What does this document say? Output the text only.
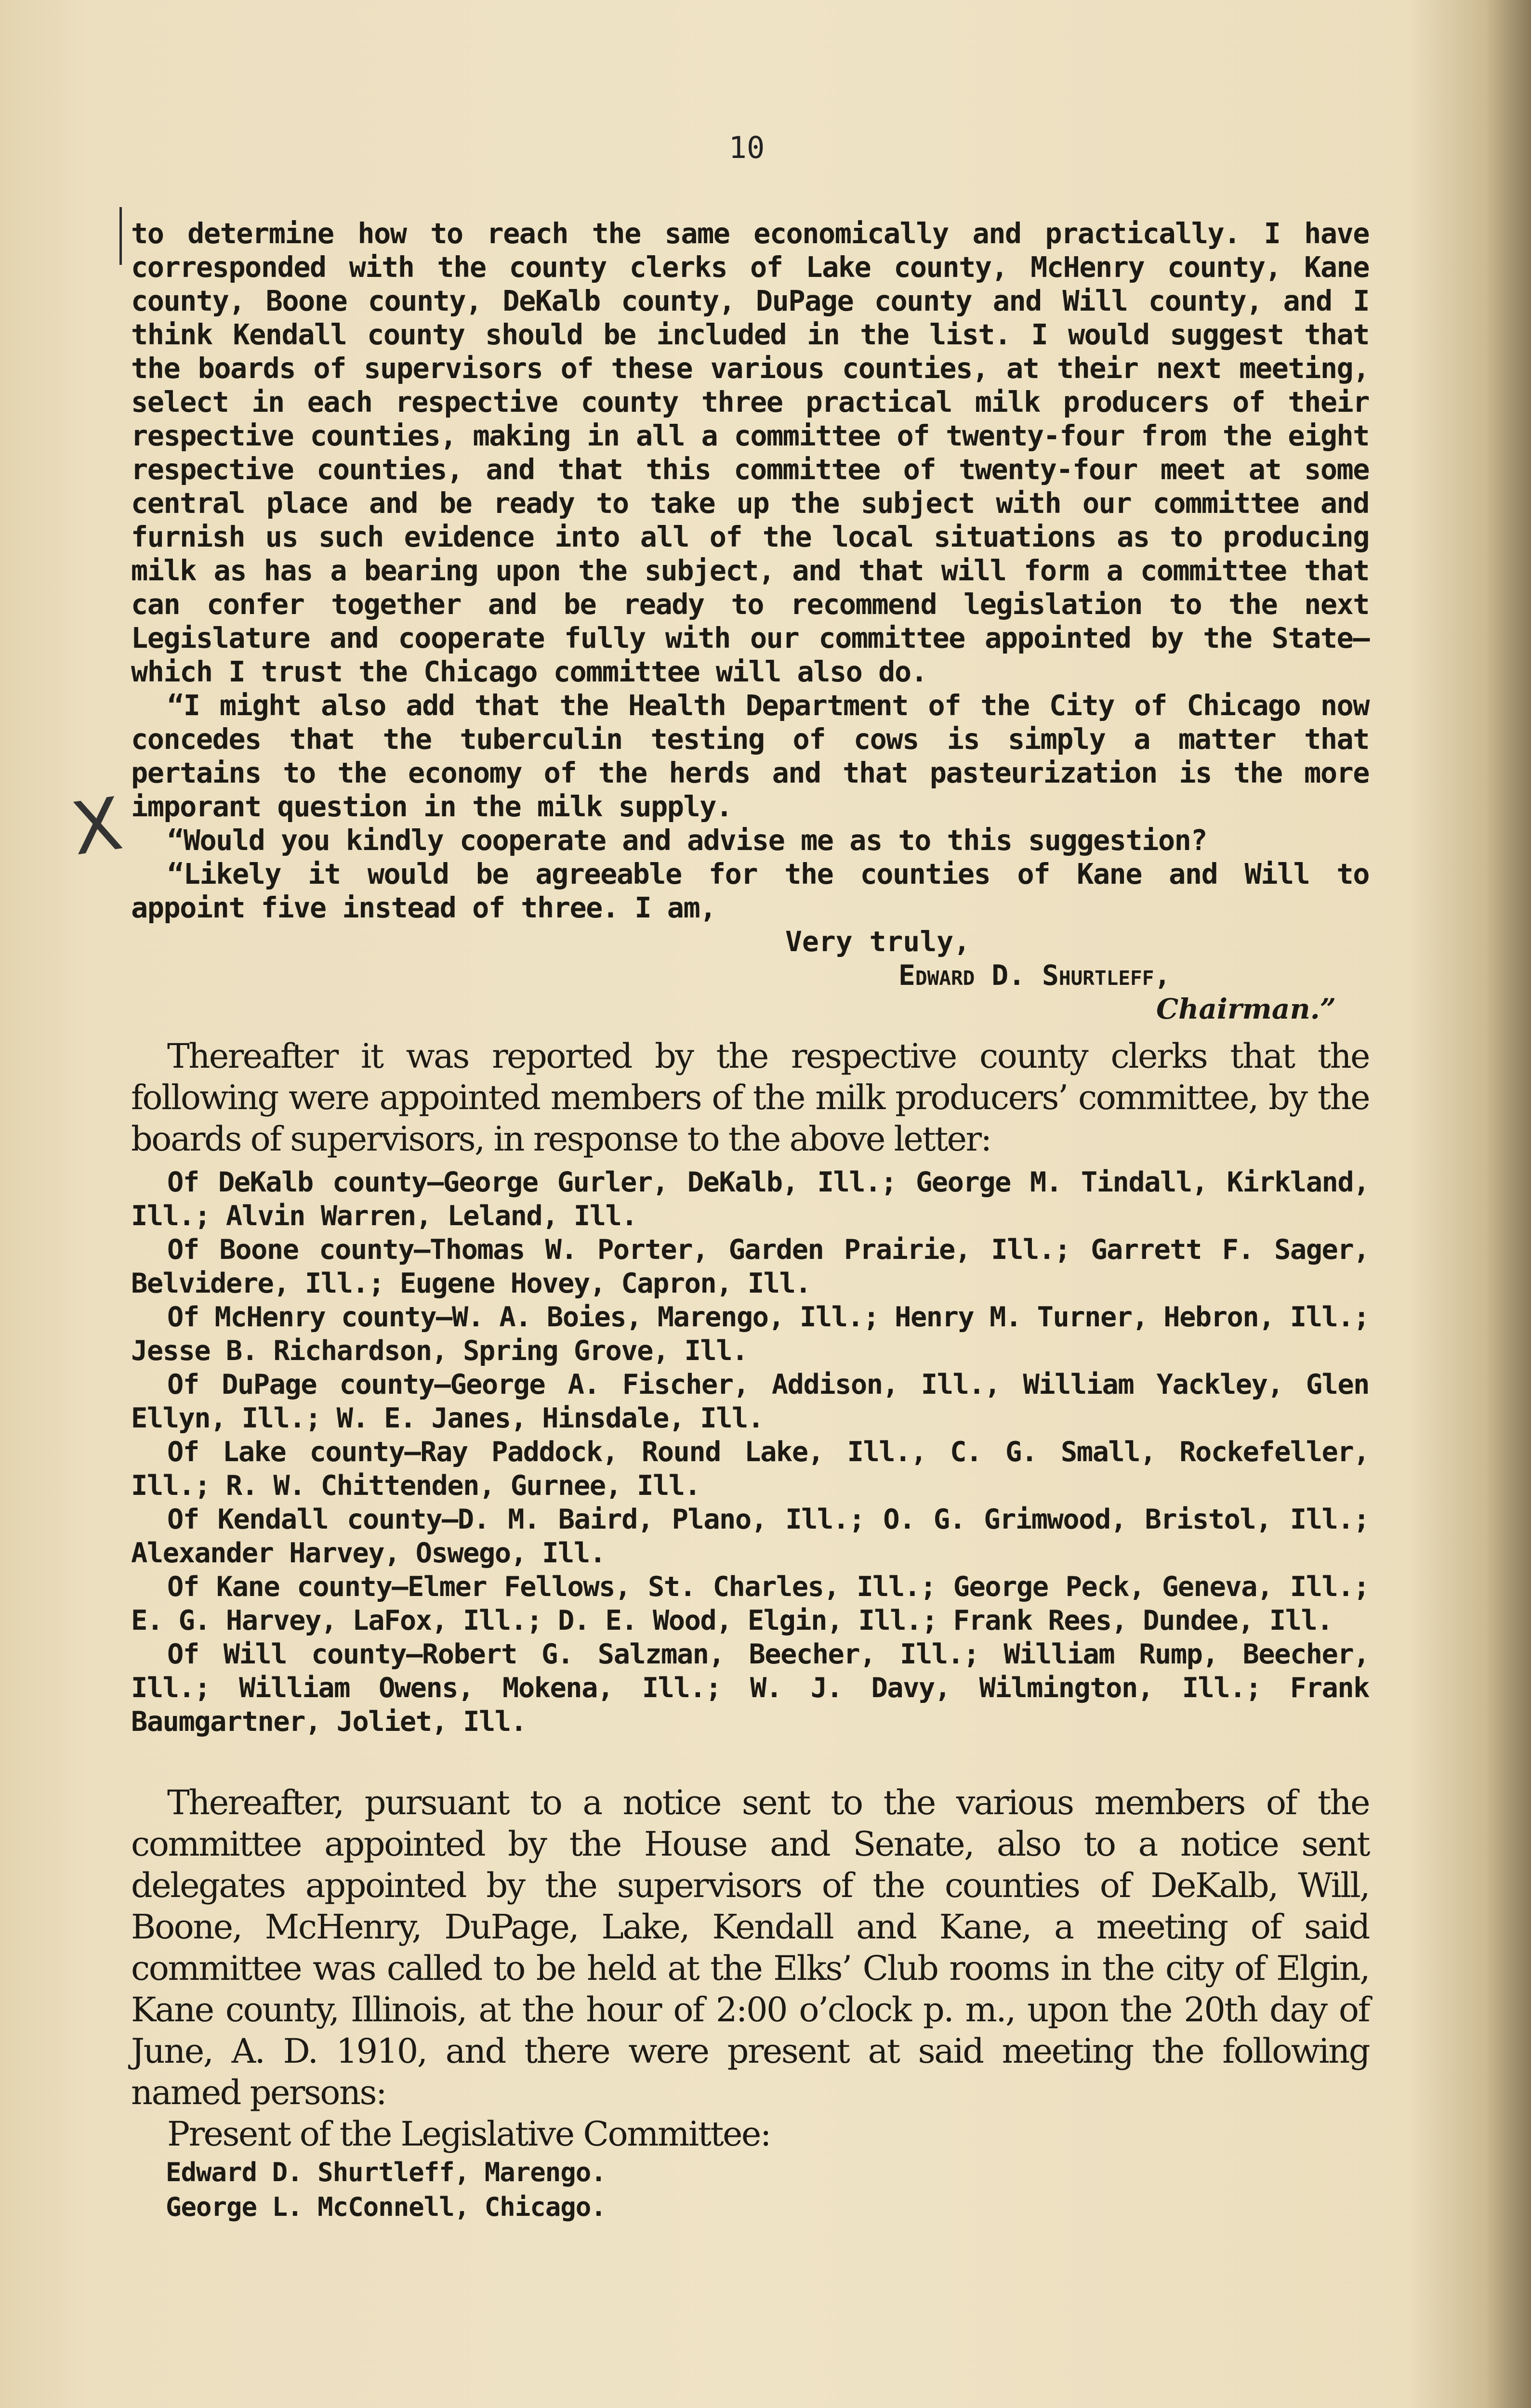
10
X

to determine how to reach the same economically and practically. I have corresponded with the county clerks of Lake county, McHenry county, Kane county, Boone county, DeKalb county, DuPage county and Will county, and I think Kendall county should be included in the list. I would suggest that the boards of supervisors of these various counties, at their next meeting, select in each respective county three practical milk producers of their respective counties, making in all a committee of twenty-four from the eight respective counties, and that this committee of twenty-four meet at some central place and be ready to take up the subject with our committee and furnish us such evidence into all of the local situations as to producing milk as has a bearing upon the subject, and that will form a committee that can confer together and be ready to recommend legislation to the next Legislature and cooperate fully with our committee appointed by the State—which I trust the Chicago committee will also do.

“I might also add that the Health Department of the City of Chicago now concedes that the tuberculin testing of cows is simply a matter that pertains to the economy of the herds and that pasteurization is the more imporant question in the milk supply.

“Would you kindly cooperate and advise me as to this suggestion?

“Likely it would be agreeable for the counties of Kane and Will to appoint five instead of three. I am,

Very truly,
Edward D. Shurtleff,
Chairman.”

Thereafter it was reported by the respective county clerks that the following were appointed members of the milk producers’ committee, by the boards of supervisors, in response to the above letter:

Of DeKalb county—George Gurler, DeKalb, Ill.; George M. Tindall, Kirkland, Ill.; Alvin Warren, Leland, Ill.

Of Boone county—Thomas W. Porter, Garden Prairie, Ill.; Garrett F. Sager, Belvidere, Ill.; Eugene Hovey, Capron, Ill.

Of McHenry county—W. A. Boies, Marengo, Ill.; Henry M. Turner, Hebron, Ill.; Jesse B. Richardson, Spring Grove, Ill.

Of DuPage county—George A. Fischer, Addison, Ill., William Yackley, Glen Ellyn, Ill.; W. E. Janes, Hinsdale, Ill.

Of Lake county—Ray Paddock, Round Lake, Ill., C. G. Small, Rockefeller, Ill.; R. W. Chittenden, Gurnee, Ill.

Of Kendall county—D. M. Baird, Plano, Ill.; O. G. Grimwood, Bristol, Ill.; Alexander Harvey, Oswego, Ill.

Of Kane county—Elmer Fellows, St. Charles, Ill.; George Peck, Geneva, Ill.; E. G. Harvey, LaFox, Ill.; D. E. Wood, Elgin, Ill.; Frank Rees, Dundee, Ill.

Of Will county—Robert G. Salzman, Beecher, Ill.; William Rump, Beecher, Ill.; William Owens, Mokena, Ill.; W. J. Davy, Wilmington, Ill.; Frank Baumgartner, Joliet, Ill.

Thereafter, pursuant to a notice sent to the various members of the committee appointed by the House and Senate, also to a notice sent delegates appointed by the supervisors of the counties of DeKalb, Will, Boone, McHenry, DuPage, Lake, Kendall and Kane, a meeting of said committee was called to be held at the Elks’ Club rooms in the city of Elgin, Kane county, Illinois, at the hour of 2:00 o’clock p. m., upon the 20th day of June, A. D. 1910, and there were present at said meeting the following named persons:

Present of the Legislative Committee:

Edward D. Shurtleff, Marengo.

George L. McConnell, Chicago.
